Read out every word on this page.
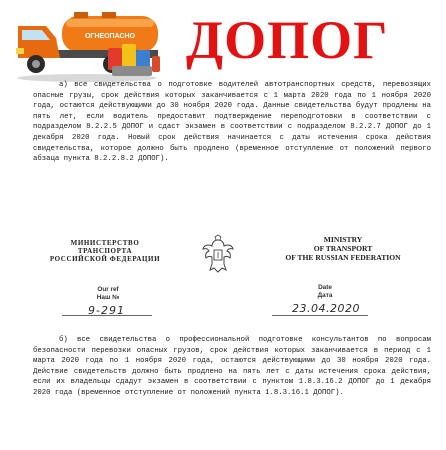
ОГНЕОПАСНО ДОПОГ

а) все свидетельства о подготовке водителей автотранспортных средств, перевозящих опасные грузы, срок действия которых заканчивается с 1 марта 2020 года по 1 ноября 2020 года, остаются действующими до 30 ноября 2020 года. Данные свидетельства будут продлены на пять лет, если водитель предоставит подтверждение переподготовки в соответствии с подразделом 8.2.2.5 ДОПОГ и сдаст экзамен в соответствии с подразделом 8.2.2.7 ДОПОГ до 1 декабря 2020 года. Новый срок действия начинается с даты истечения срока действия свидетельства, которое должно быть продлено (временное отступление от положений первого абзаца пункта 8.2.2.8.2 ДОПОГ).

МИНИСТЕРСТВО
ТРАНСПОРТА
РОССИЙСКОЙ ФЕДЕРАЦИИ
MINISTRY
OF TRANSPORT
OF THE RUSSIAN FEDERATION
Our ref
Наш №
9-291
Date
Дата
23.04.2020

б) все свидетельства о профессиональной подготовке консультантов по вопросам безопасности перевозки опасных грузов, срок действия которых заканчивается в период с 1 марта 2020 года по 1 ноября 2020 года, остаются действующими до 30 ноября 2020 года. Действие свидетельств должно быть продлено на пять лет с даты истечения срока действия, если их владельцы сдадут экзамен в соответствии с пунктом 1.8.3.16.2 ДОПОГ до 1 декабря 2020 года (временное отступление от положений пункта 1.8.3.16.1 ДОПОГ).
